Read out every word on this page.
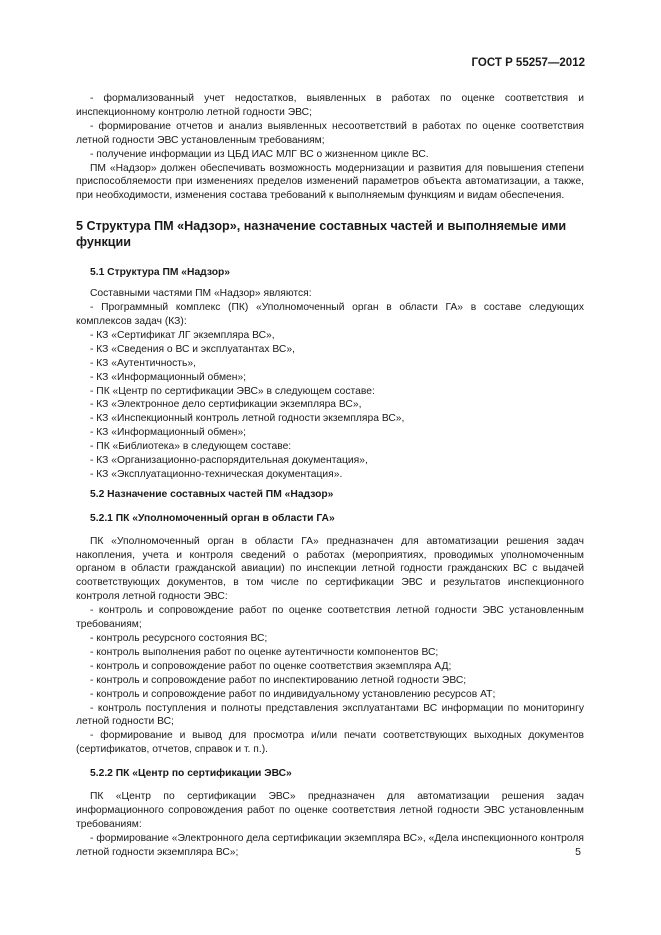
ГОСТ Р 55257—2012

- формализованный учет недостатков, выявленных в работах по оценке соответствия и инспекционному контролю летной годности ЭВС;

- формирование отчетов и анализ выявленных несоответствий в работах по оценке соответствия летной годности ЭВС установленным требованиям;

- получение информации из ЦБД ИАС МЛГ ВС о жизненном цикле ВС.

ПМ «Надзор» должен обеспечивать возможность модернизации и развития для повышения степени приспособляемости при изменениях пределов изменений параметров объекта автоматизации, а также, при необходимости, изменения состава требований к выполняемым функциям и видам обеспечения.

5 Структура ПМ «Надзор», назначение составных частей и выполняемые ими функции

5.1 Структура ПМ «Надзор»

Составными частями ПМ «Надзор» являются:

- Программный комплекс (ПК) «Уполномоченный орган в области ГА» в составе следующих комплексов задач (КЗ):

- КЗ «Сертификат ЛГ экземпляра ВС»,

- КЗ «Сведения о ВС и эксплуатантах ВС»,

- КЗ «Аутентичность»,

- КЗ «Информационный обмен»;

- ПК «Центр по сертификации ЭВС» в следующем составе:

- КЗ «Электронное дело сертификации экземпляра ВС»,

- КЗ «Инспекционный контроль летной годности экземпляра ВС»,

- КЗ «Информационный обмен»;

- ПК «Библиотека» в следующем составе:

- КЗ «Организационно-распорядительная документация»,

- КЗ «Эксплуатационно-техническая документация».

5.2 Назначение составных частей ПМ «Надзор»

5.2.1 ПК «Уполномоченный орган в области ГА»

ПК «Уполномоченный орган в области ГА» предназначен для автоматизации решения задач накопления, учета и контроля сведений о работах (мероприятиях, проводимых уполномоченным органом в области гражданской авиации) по инспекции летной годности гражданских ВС с выдачей соответствующих документов, в том числе по сертификации ЭВС и результатов инспекционного контроля летной годности ЭВС:

- контроль и сопровождение работ по оценке соответствия летной годности ЭВС установленным требованиям;

- контроль ресурсного состояния ВС;

- контроль выполнения работ по оценке аутентичности компонентов ВС;

- контроль и сопровождение работ по оценке соответствия экземпляра АД;

- контроль и сопровождение работ по инспектированию летной годности ЭВС;

- контроль и сопровождение работ по индивидуальному установлению ресурсов АТ;

- контроль поступления и полноты представления эксплуатантами ВС информации по мониторингу летной годности ВС;

- формирование и вывод для просмотра и/или печати соответствующих выходных документов (сертификатов, отчетов, справок и т. п.).

5.2.2 ПК «Центр по сертификации ЭВС»

ПК «Центр по сертификации ЭВС» предназначен для автоматизации решения задач информационного сопровождения работ по оценке соответствия летной годности ЭВС установленным требованиям:

- формирование «Электронного дела сертификации экземпляра ВС», «Дела инспекционного контроля летной годности экземпляра ВС»;	5
